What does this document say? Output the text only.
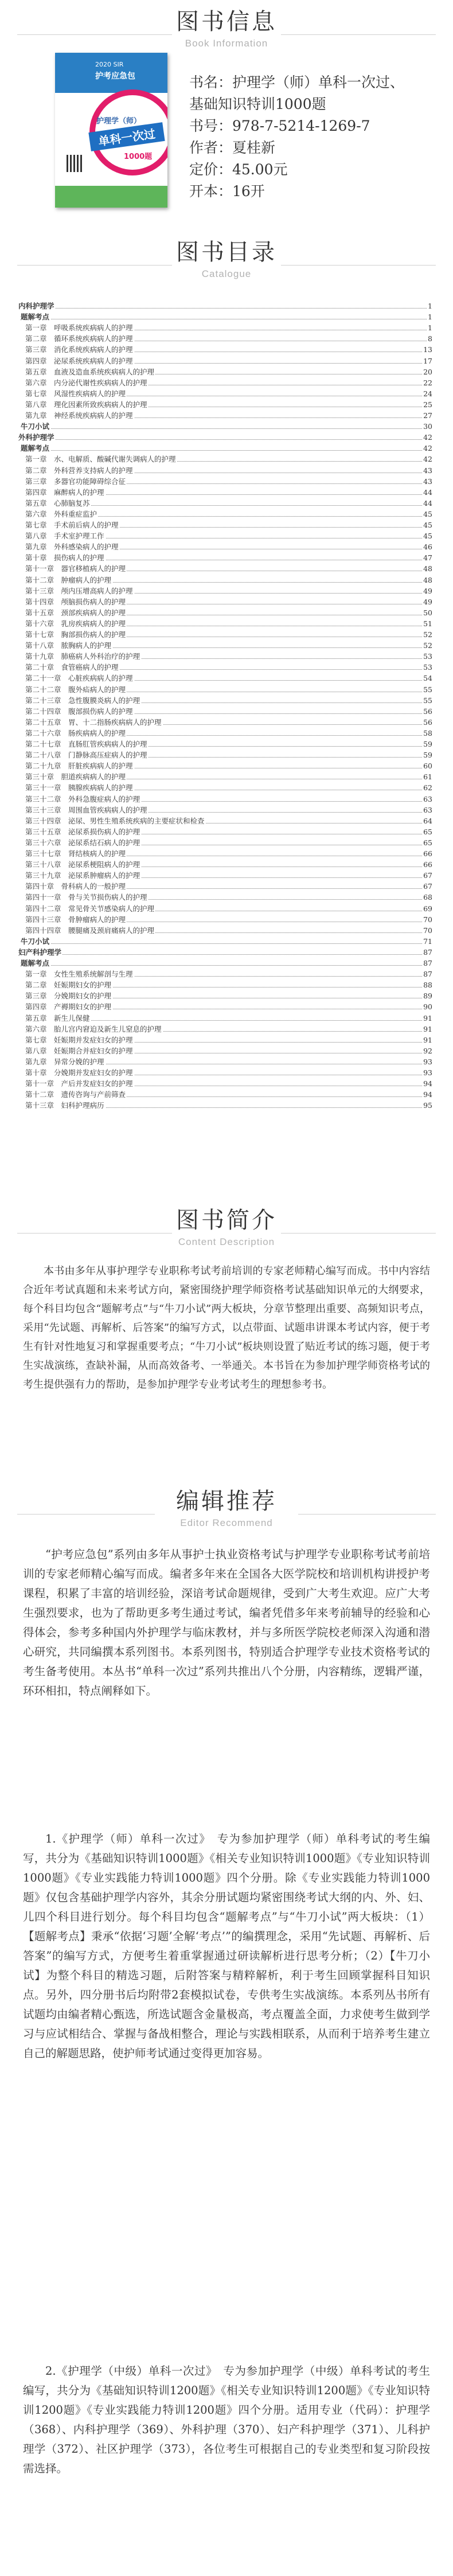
图书信息
Book Information
2020 SIR
护考应急包
护理学（师）
单科一次过
1000题
书名：护理学（师）单科一次过、
基础知识特训1000题
书号：978-7-5214-1269-7
作者：夏桂新
定价：45.00元
开本：16开
图书目录
Catalogue
内科护理学	1
题解考点	1
第一章　呼吸系统疾病病人的护理	1
第二章　循环系统疾病病人的护理	8
第三章　消化系统疾病病人的护理	13
第四章　泌尿系统疾病病人的护理	17
第五章　血液及造血系统疾病病人的护理	20
第六章　内分泌代谢性疾病病人的护理	22
第七章　风湿性疾病病人的护理	24
第八章　理化因素所致疾病病人的护理	25
第九章　神经系统疾病病人的护理	27
牛刀小试	30
外科护理学	42
题解考点	42
第一章　水、电解质、酸碱代谢失调病人的护理	42
第二章　外科营养支持病人的护理	43
第三章　多器官功能障碍综合征	43
第四章　麻醉病人的护理	44
第五章　心肺脑复苏	44
第六章　外科重症监护	45
第七章　手术前后病人的护理	45
第八章　手术室护理工作	45
第九章　外科感染病人的护理	46
第十章　损伤病人的护理	47
第十一章　器官移植病人的护理	48
第十二章　肿瘤病人的护理	48
第十三章　颅内压增高病人的护理	49
第十四章　颅脑损伤病人的护理	49
第十五章　颈部疾病病人的护理	50
第十六章　乳房疾病病人的护理	51
第十七章　胸部损伤病人的护理	52
第十八章　脓胸病人的护理	52
第十九章　肺癌病人外科治疗的护理	53
第二十章　食管癌病人的护理	53
第二十一章　心脏疾病病人的护理	54
第二十二章　腹外疝病人的护理	55
第二十三章　急性腹膜炎病人的护理	55
第二十四章　腹部损伤病人的护理	56
第二十五章　胃、十二指肠疾病病人的护理	56
第二十六章　肠疾病病人的护理	58
第二十七章　直肠肛管疾病病人的护理	59
第二十八章　门静脉高压症病人的护理	59
第二十九章　肝脏疾病病人的护理	60
第三十章　胆道疾病病人的护理	61
第三十一章　胰腺疾病病人的护理	62
第三十二章　外科急腹症病人的护理	63
第三十三章　周围血管疾病病人的护理	63
第三十四章　泌尿、男性生殖系统疾病的主要症状和检查	64
第三十五章　泌尿系损伤病人的护理	65
第三十六章　泌尿系结石病人的护理	65
第三十七章　肾结核病人的护理	66
第三十八章　泌尿系梗阻病人的护理	66
第三十九章　泌尿系肿瘤病人的护理	67
第四十章　骨科病人的一般护理	67
第四十一章　骨与关节损伤病人的护理	68
第四十二章　常见骨关节感染病人的护理	69
第四十三章　骨肿瘤病人的护理	70
第四十四章　腰腿痛及颈肩痛病人的护理	70
牛刀小试	71
妇产科护理学	87
题解考点	87
第一章　女性生殖系统解剖与生理	87
第二章　妊娠期妇女的护理	88
第三章　分娩期妇女的护理	89
第四章　产褥期妇女的护理	90
第五章　新生儿保健	91
第六章　胎儿宫内窘迫及新生儿窒息的护理	91
第七章　妊娠期并发症妇女的护理	91
第八章　妊娠期合并症妇女的护理	92
第九章　异常分娩的护理	93
第十章　分娩期并发症妇女的护理	93
第十一章　产后并发症妇女的护理	94
第十二章　遗传咨询与产前筛查	94
第十三章　妇科护理病历	95
图书简介
Content Description
本书由多年从事护理学专业职称考试考前培训的专家老师精心编写而成。书中内容结合近年考试真题和未来考试方向，紧密围绕护理学师资格考试基础知识单元的大纲要求，每个科目均包含“题解考点”与“牛刀小试”两大板块，分章节整理出重要、高频知识考点，采用“先试题、再解析、后答案”的编写方式，以点带面、试题串讲课本考试内容，便于考生有针对性地复习和掌握重要考点；“牛刀小试”板块则设置了贴近考试的练习题，便于考生实战演练，查缺补漏，从而高效备考、一举通关。本书旨在为参加护理学师资格考试的考生提供强有力的帮助，是参加护理学专业考试考生的理想参考书。
编辑推荐
Editor Recommend
“护考应急包”系列由多年从事护士执业资格考试与护理学专业职称考试考前培训的专家老师精心编写而成。编者多年来在全国各大医学院校和培训机构讲授护考课程，积累了丰富的培训经验，深谙考试命题规律，受到广大考生欢迎。应广大考生强烈要求，也为了帮助更多考生通过考试，编者凭借多年来考前辅导的经验和心得体会，参考多种国内外护理学与临床教材，并与多所医学院校老师深入沟通和潜心研究，共同编撰本系列图书。本系列图书，特别适合护理学专业技术资格考试的考生备考使用。本丛书“单科一次过”系列共推出八个分册，内容精练，逻辑严谨，环环相扣，特点阐释如下。
1.《护理学（师）单科一次过》　专为参加护理学（师）单科考试的考生编写，共分为《基础知识特训1000题》《相关专业知识特训1000题》《专业知识特训1000题》《专业实践能力特训1000题》四个分册。除《专业实践能力特训1000题》仅包含基础护理学内容外，其余分册试题均紧密围绕考试大纲的内、外、妇、儿四个科目进行划分。每个科目均包含“题解考点”与“牛刀小试”两大板块：（1）【题解考点】秉承“依据‘习题’全解‘考点’”的编撰理念，采用“先试题、再解析、后答案”的编写方式，方便考生着重掌握通过研读解析进行思考分析；（2）【牛刀小试】为整个科目的精选习题，后附答案与精粹解析，利于考生回顾掌握科目知识点。另外，四分册书后均附带2套模拟试卷，专供考生实战演练。本系列丛书所有试题均由编者精心甄选，所选试题含金量极高，考点覆盖全面，力求使考生做到学习与应试相结合、掌握与备战相整合，理论与实践相联系，从而利于培养考生建立自己的解题思路，使护师考试通过变得更加容易。
2.《护理学（中级）单科一次过》　专为参加护理学（中级）单科考试的考生编写，共分为《基础知识特训1200题》《相关专业知识特训1200题》《专业知识特训1200题》《专业实践能力特训1200题》四个分册。适用专业（代码）：护理学（368）、内科护理学（369）、外科护理（370）、妇产科护理学（371）、儿科护理学（372）、社区护理学（373），各位考生可根据自己的专业类型和复习阶段按需选择。
